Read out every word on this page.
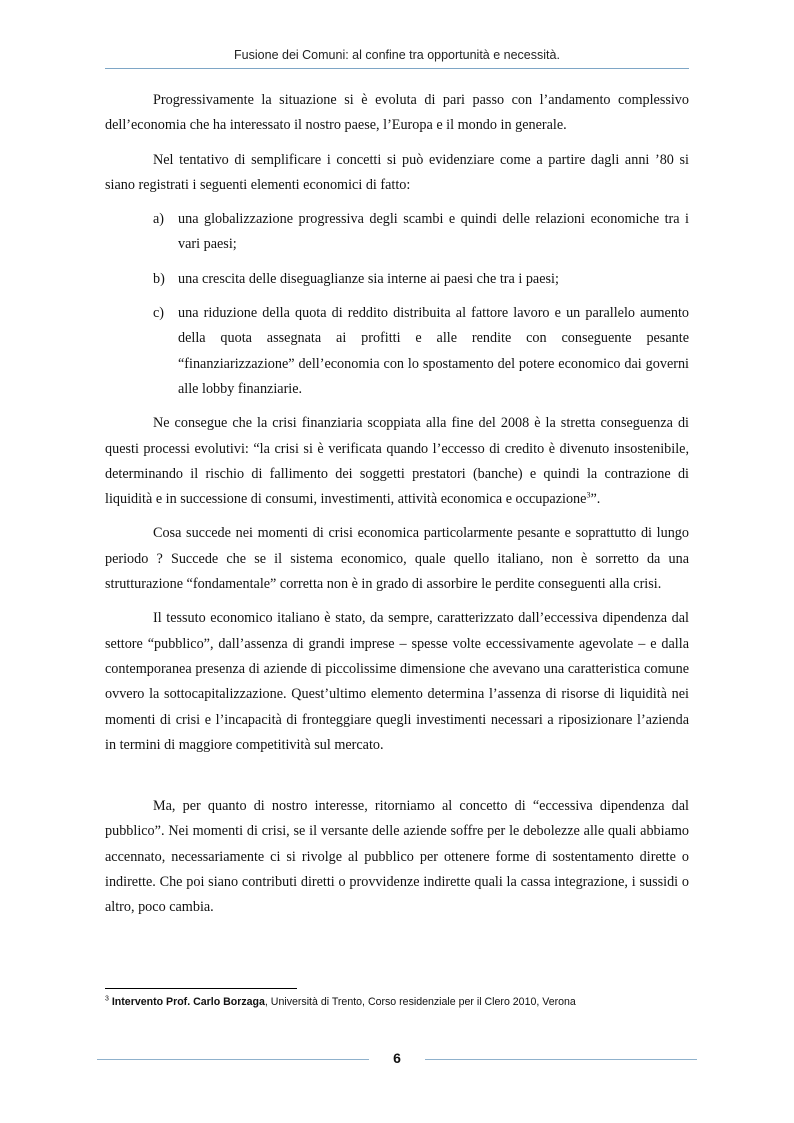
Fusione dei Comuni: al confine tra opportunità e necessità.

Progressivamente la situazione si è evoluta di pari passo con l’andamento complessivo dell’economia che ha interessato il nostro paese, l’Europa e il mondo in generale.

Nel tentativo di semplificare i concetti si può evidenziare come a partire dagli anni ’80 si siano registrati i seguenti elementi economici di fatto:

a) una globalizzazione progressiva degli scambi e quindi delle relazioni economiche tra i vari paesi;
b) una crescita delle diseguaglianze sia interne ai paesi che tra i paesi;
c) una riduzione della quota di reddito distribuita al fattore lavoro e un parallelo aumento della quota assegnata ai profitti e alle rendite con conseguente pesante “finanziarizzazione” dell’economia con lo spostamento del potere economico dai governi alle lobby finanziarie.

Ne consegue che la crisi finanziaria scoppiata alla fine del 2008 è la stretta conseguenza di questi processi evolutivi: “la crisi si è verificata quando l’eccesso di credito è divenuto insostenibile, determinando il rischio di fallimento dei soggetti prestatori (banche) e quindi la contrazione di liquidità e in successione di consumi, investimenti, attività economica e occupazione$^3$”.

Cosa succede nei momenti di crisi economica particolarmente pesante e soprattutto di lungo periodo ? Succede che se il sistema economico, quale quello italiano, non è sorretto da una strutturazione “fondamentale” corretta non è in grado di assorbire le perdite conseguenti alla crisi.

Il tessuto economico italiano è stato, da sempre, caratterizzato dall’eccessiva dipendenza dal settore “pubblico”, dall’assenza di grandi imprese – spesse volte eccessivamente agevolate – e dalla contemporanea presenza di aziende di piccolissime dimensione che avevano una caratteristica comune ovvero la sottocapitalizzazione. Quest’ultimo elemento determina l’assenza di risorse di liquidità nei momenti di crisi e l’incapacità di fronteggiare quegli investimenti necessari a riposizionare l’azienda in termini di maggiore competitività sul mercato.

Ma, per quanto di nostro interesse, ritorniamo al concetto di “eccessiva dipendenza dal pubblico”. Nei momenti di crisi, se il versante delle aziende soffre per le debolezze alle quali abbiamo accennato, necessariamente ci si rivolge al pubblico per ottenere forme di sostentamento dirette o indirette. Che poi siano contributi diretti o provvidenze indirette quali la cassa integrazione, i sussidi o altro, poco cambia.

$^3$ Intervento Prof. Carlo Borzaga, Università di Trento, Corso residenziale per il Clero 2010, Verona
6
